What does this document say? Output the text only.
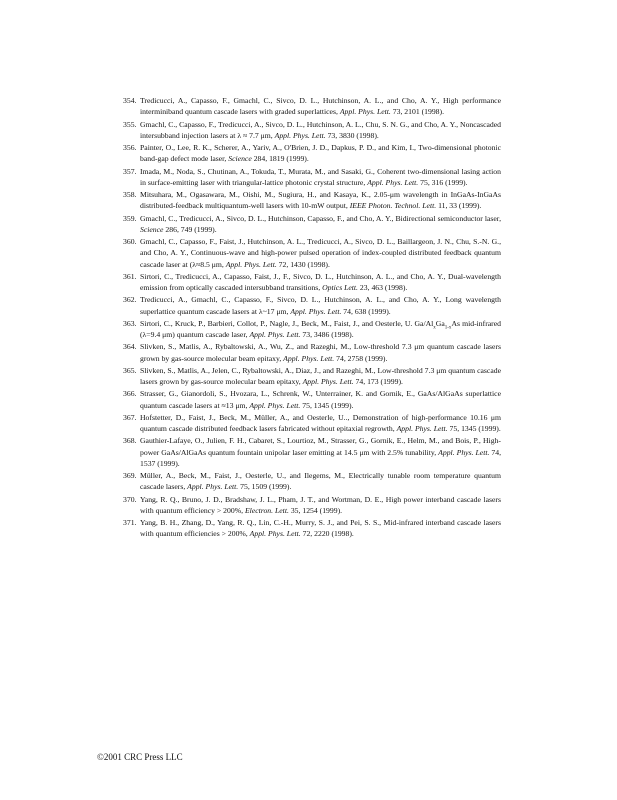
354. Tredicucci, A., Capasso, F., Gmachl, C., Sivco, D. L., Hutchinson, A. L., and Cho, A. Y., High performance interminiband quantum cascade lasers with graded superlattices, Appl. Phys. Lett. 73, 2101 (1998).
355. Gmachl, C., Capasso, F., Tredicucci, A., Sivco, D. L., Hutchinson, A. L., Chu, S. N. G., and Cho, A. Y., Noncascaded intersubband injection lasers at λ ≈ 7.7 μm, Appl. Phys. Lett. 73, 3830 (1998).
356. Painter, O., Lee, R. K., Scherer, A., Yariv, A., O'Brien, J. D., Dapkus, P. D., and Kim, I., Two-dimensional photonic band-gap defect mode laser, Science 284, 1819 (1999).
357. Imada, M., Noda, S., Chutinan, A., Tokuda, T., Murata, M., and Sasaki, G., Coherent two-dimensional lasing action in surface-emitting laser with triangular-lattice photonic crystal structure, Appl. Phys. Lett. 75, 316 (1999).
358. Mitsuhara, M., Ogasawara, M., Oishi, M., Sugiura, H., and Kasaya, K., 2.05-μm wavelength in InGaAs-InGaAs distributed-feedback multiquantum-well lasers with 10-mW output, IEEE Photon. Technol. Lett. 11, 33 (1999).
359. Gmachl, C., Tredicucci, A., Sivco, D. L., Hutchinson, Capasso, F., and Cho, A. Y., Bidirectional semiconductor laser, Science 286, 749 (1999).
360. Gmachl, C., Capasso, F., Faist, J., Hutchinson, A. L., Tredicucci, A., Sivco, D. L., Baillargeon, J. N., Chu, S.-N. G., and Cho, A. Y., Continuous-wave and high-power pulsed operation of index-coupled distributed feedback quantum cascade laser at (λ≈8.5 μm, Appl. Phys. Lett. 72, 1430 (1998).
361. Sirtori, C., Tredicucci, A., Capasso, Faist, J., F., Sivco, D. L., Hutchinson, A. L., and Cho, A. Y., Dual-wavelength emission from optically cascaded intersubband transitions, Optics Lett. 23, 463 (1998).
362. Tredicucci, A., Gmachl, C., Capasso, F., Sivco, D. L., Hutchinson, A. L., and Cho, A. Y., Long wavelength superlattice quantum cascade lasers at λ~17 μm, Appl. Phys. Lett. 74, 638 (1999).
363. Sirtori, C., Kruck, P., Barbieri, Collot, P., Nagle, J., Beck, M., Faist, J., and Oesterle, U. $Ga/Al_xGa_{1-x}As$ mid-infrared (λ=9.4 μm) quantum cascade laser, Appl. Phys. Lett. 73, 3486 (1998).
364. Slivken, S., Matlis, A., Rybaltowski, A., Wu, Z., and Razeghi, M., Low-threshold 7.3 μm quantum cascade lasers grown by gas-source molecular beam epitaxy, Appl. Phys. Lett. 74, 2758 (1999).
365. Slivken, S., Matlis, A., Jelen, C., Rybaltowski, A., Diaz, J., and Razeghi, M., Low-threshold 7.3 μm quantum cascade lasers grown by gas-source molecular beam epitaxy, Appl. Phys. Lett. 74, 173 (1999).
366. Strasser, G., Gianordoli, S., Hvozara, L., Schrenk, W., Unterrainer, K. and Gornik, E., GaAs/AlGaAs superlattice quantum cascade lasers at ≈13 μm, Appl. Phys. Lett. 75, 1345 (1999).
367. Hofstetter, D., Faist, J., Beck, M., Müller, A., and Oesterle, U.., Demonstration of high-performance 10.16 μm quantum cascade distributed feedback lasers fabricated without epitaxial regrowth, Appl. Phys. Lett. 75, 1345 (1999).
368. Gauthier-Lafaye, O., Julien, F. H., Cabaret, S., Lourtioz, M., Strasser, G., Gornik, E., Helm, M., and Bois, P., High-power GaAs/AlGaAs quantum fountain unipolar laser emitting at 14.5 μm with 2.5% tunability, Appl. Phys. Lett. 74, 1537 (1999).
369. Müller, A., Beck, M., Faist, J., Oesterle, U., and Ilegems, M., Electrically tunable room temperature quantum cascade lasers, Appl. Phys. Lett. 75, 1509 (1999).
370. Yang, R. Q., Bruno, J. D., Bradshaw, J. L., Pham, J. T., and Wortman, D. E., High power interband cascade lasers with quantum efficiency > 200%, Electron. Lett. 35, 1254 (1999).
371. Yang, B. H., Zhang, D., Yang, R. Q., Lin, C.-H., Murry, S. J., and Pei, S. S., Mid-infrared interband cascade lasers with quantum efficiencies > 200%, Appl. Phys. Lett. 72, 2220 (1998).
©2001 CRC Press LLC
